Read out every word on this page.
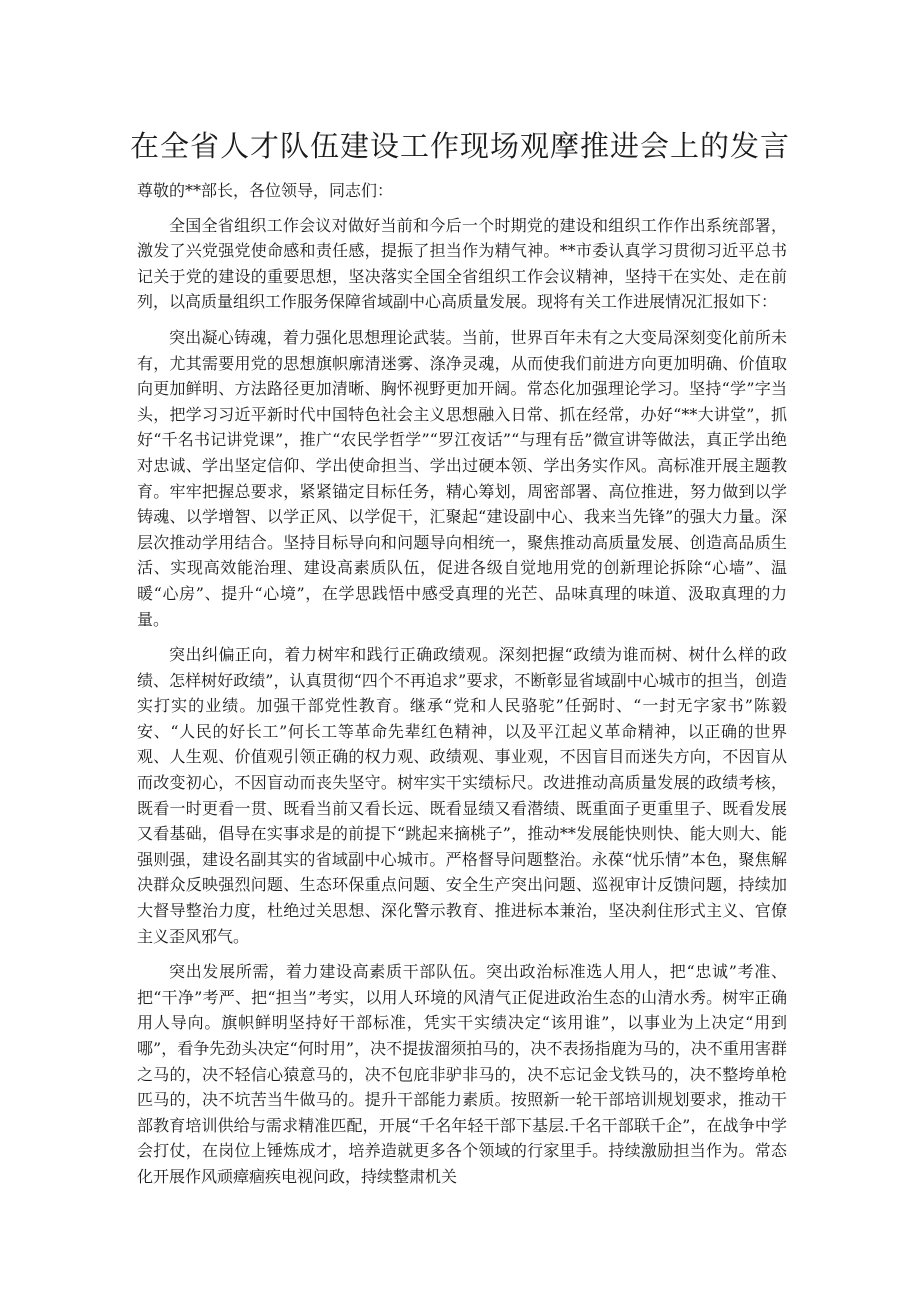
在全省人才队伍建设工作现场观摩推进会上的发言

尊敬的**部长，各位领导，同志们：

全国全省组织工作会议对做好当前和今后一个时期党的建设和组织工作作出系统部署，激发了兴党强党使命感和责任感，提振了担当作为精气神。**市委认真学习贯彻习近平总书记关于党的建设的重要思想，坚决落实全国全省组织工作会议精神，坚持干在实处、走在前列，以高质量组织工作服务保障省域副中心高质量发展。现将有关工作进展情况汇报如下：

突出凝心铸魂，着力强化思想理论武装。当前，世界百年未有之大变局深刻变化前所未有，尤其需要用党的思想旗帜廓清迷雾、涤净灵魂，从而使我们前进方向更加明确、价值取向更加鲜明、方法路径更加清晰、胸怀视野更加开阔。常态化加强理论学习。坚持“学”字当头，把学习习近平新时代中国特色社会主义思想融入日常、抓在经常，办好“**大讲堂”，抓好“千名书记讲党课”，推广“农民学哲学”“罗江夜话”“与理有岳”微宣讲等做法，真正学出绝对忠诚、学出坚定信仰、学出使命担当、学出过硬本领、学出务实作风。高标准开展主题教育。牢牢把握总要求，紧紧锚定目标任务，精心筹划，周密部署、高位推进，努力做到以学铸魂、以学增智、以学正风、以学促干，汇聚起“建设副中心、我来当先锋”的强大力量。深层次推动学用结合。坚持目标导向和问题导向相统一，聚焦推动高质量发展、创造高品质生活、实现高效能治理、建设高素质队伍，促进各级自觉地用党的创新理论拆除“心墙”、温暖“心房”、提升“心境”，在学思践悟中感受真理的光芒、品味真理的味道、汲取真理的力量。

突出纠偏正向，着力树牢和践行正确政绩观。深刻把握“政绩为谁而树、树什么样的政绩、怎样树好政绩”，认真贯彻“四个不再追求”要求，不断彰显省域副中心城市的担当，创造实打实的业绩。加强干部党性教育。继承“党和人民骆驼”任弼时、“一封无字家书”陈毅安、“人民的好长工”何长工等革命先辈红色精神，以及平江起义革命精神，以正确的世界观、人生观、价值观引领正确的权力观、政绩观、事业观，不因盲目而迷失方向，不因盲从而改变初心，不因盲动而丧失坚守。树牢实干实绩标尺。改进推动高质量发展的政绩考核，既看一时更看一贯、既看当前又看长远、既看显绩又看潜绩、既重面子更重里子、既看发展又看基础，倡导在实事求是的前提下“跳起来摘桃子”，推动**发展能快则快、能大则大、能强则强，建设名副其实的省域副中心城市。严格督导问题整治。永葆“忧乐情”本色，聚焦解决群众反映强烈问题、生态环保重点问题、安全生产突出问题、巡视审计反馈问题，持续加大督导整治力度，杜绝过关思想、深化警示教育、推进标本兼治，坚决刹住形式主义、官僚主义歪风邪气。

突出发展所需，着力建设高素质干部队伍。突出政治标准选人用人，把“忠诚”考准、把“干净”考严、把“担当”考实，以用人环境的风清气正促进政治生态的山清水秀。树牢正确用人导向。旗帜鲜明坚持好干部标准，凭实干实绩决定“该用谁”，以事业为上决定“用到哪”，看争先劲头决定“何时用”，决不提拔溜须拍马的，决不表扬指鹿为马的，决不重用害群之马的，决不轻信心猿意马的，决不包庇非驴非马的，决不忘记金戈铁马的，决不整垮单枪匹马的，决不坑苦当牛做马的。提升干部能力素质。按照新一轮干部培训规划要求，推动干部教育培训供给与需求精准匹配，开展“千名年轻干部下基层.千名干部联千企”，在战争中学会打仗，在岗位上锤炼成才，培养造就更多各个领域的行家里手。持续激励担当作为。常态化开展作风顽瘴痼疾电视问政，持续整肃机关
